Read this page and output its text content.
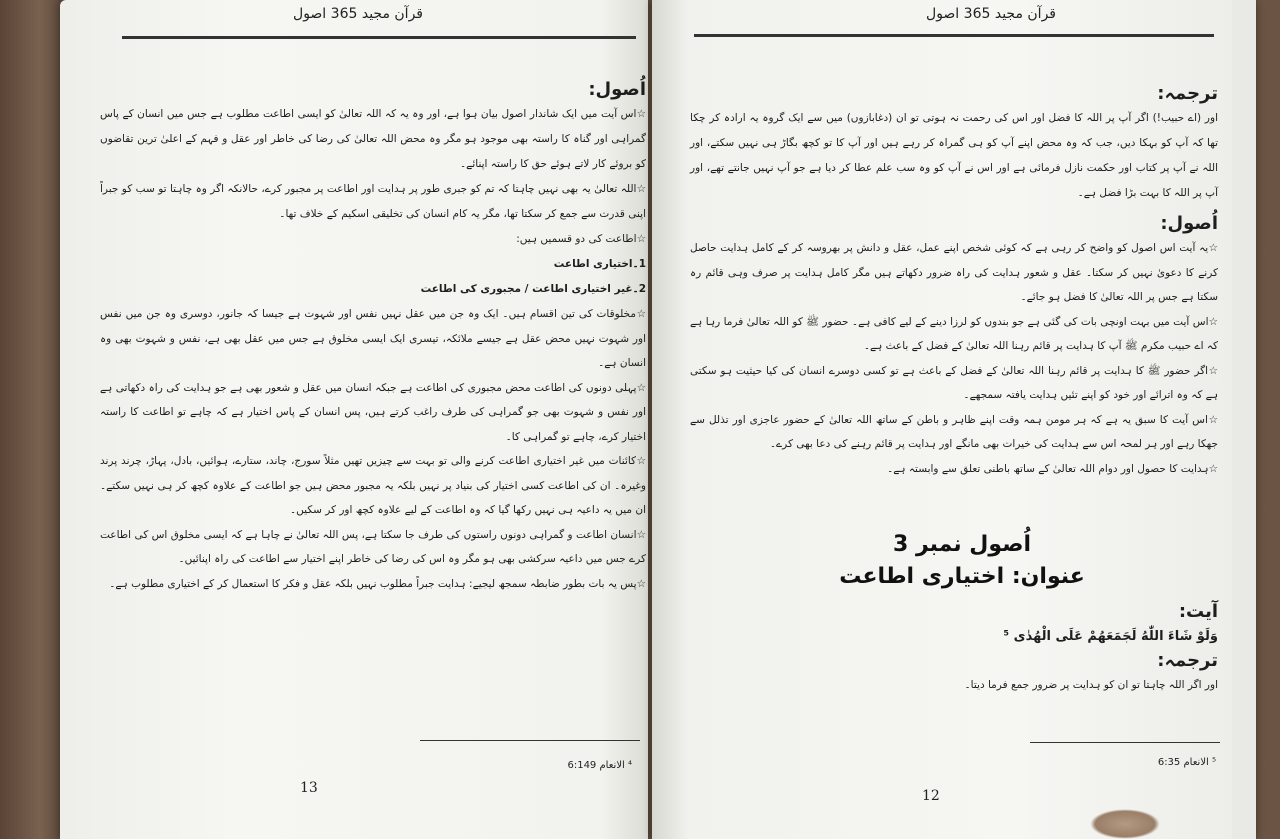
قرآن مجید 365 اصول

اُصول:

☆اس آیت میں ایک شاندار اصول بیان ہوا ہے، اور وہ یہ کہ اللہ تعالیٰ کو ایسی اطاعت مطلوب ہے جس میں انسان کے پاس گمراہی اور گناہ کا راستہ بھی موجود ہو مگر وہ محض اللہ تعالیٰ کی رضا کی خاطر اور عقل و فہم کے اعلیٰ ترین تقاضوں کو بروئے کار لاتے ہوئے حق کا راستہ اپنائے۔

☆اللہ تعالیٰ یہ بھی نہیں چاہتا کہ تم کو جبری طور پر ہدایت اور اطاعت پر مجبور کرے، حالانکہ اگر وہ چاہتا تو سب کو جبراً اپنی قدرت سے جمع کر سکتا تھا، مگر یہ کام انسان کی تخلیقی اسکیم کے خلاف تھا۔

☆اطاعت کی دو قسمیں ہیں:

1۔اختیاری اطاعت

2۔غیر اختیاری اطاعت / مجبوری کی اطاعت

☆مخلوقات کی تین اقسام ہیں۔ ایک وہ جن میں عقل نہیں نفس اور شہوت ہے جیسا کہ جانور، دوسری وہ جن میں نفس اور شہوت نہیں محض عقل ہے جیسے ملائکہ، تیسری ایک ایسی مخلوق ہے جس میں عقل بھی ہے، نفس و شہوت بھی وہ انسان ہے۔

☆پہلی دونوں کی اطاعت محض مجبوری کی اطاعت ہے جبکہ انسان میں عقل و شعور بھی ہے جو ہدایت کی راہ دکھاتی ہے اور نفس و شہوت بھی جو گمراہی کی طرف راغب کرتے ہیں، پس انسان کے پاس اختیار ہے کہ چاہے تو اطاعت کا راستہ اختیار کرے، چاہے تو گمراہی کا۔

☆کائنات میں غیر اختیاری اطاعت کرنے والی تو بہت سے چیزیں تھیں مثلاً سورج، چاند، ستارے، ہوائیں، بادل، پہاڑ، چرند پرند وغیرہ۔ ان کی اطاعت کسی اختیار کی بنیاد پر نہیں بلکہ یہ مجبور محض ہیں جو اطاعت کے علاوہ کچھ کر ہی نہیں سکتے۔ ان میں یہ داعیہ ہی نہیں رکھا گیا کہ وہ اطاعت کے لیے علاوہ کچھ اور کر سکیں۔

☆انسان اطاعت و گمراہی دونوں راستوں کی طرف جا سکتا ہے، پس اللہ تعالیٰ نے چاہا ہے کہ ایسی مخلوق اس کی اطاعت کرے جس میں داعیہ سرکشی بھی ہو مگر وہ اس کی رضا کی خاطر اپنے اختیار سے اطاعت کی راہ اپنائیں۔

☆پس یہ بات بطور ضابطہ سمجھ لیجیے: ہدایت جبراً مطلوب نہیں بلکہ عقل و فکر کا استعمال کر کے اختیاری مطلوب ہے۔

⁴ الانعام 6:149
13
قرآن مجید 365 اصول

ترجمہ:

اور (اے حبیب!) اگر آپ پر اللہ کا فضل اور اس کی رحمت نہ ہوتی تو ان (دغابازوں) میں سے ایک گروہ یہ ارادہ کر چکا تھا کہ آپ کو بہکا دیں، جب کہ وہ محض اپنے آپ کو ہی گمراہ کر رہے ہیں اور آپ کا تو کچھ بگاڑ ہی نہیں سکتے، اور اللہ نے آپ پر کتاب اور حکمت نازل فرمائی ہے اور اس نے آپ کو وہ سب علم عطا کر دیا ہے جو آپ نہیں جانتے تھے، اور آپ پر اللہ کا بہت بڑا فضل ہے۔

اُصول:

☆یہ آیت اس اصول کو واضح کر رہی ہے کہ کوئی شخص اپنے عمل، عقل و دانش پر بھروسہ کر کے کامل ہدایت حاصل کرنے کا دعویٰ نہیں کر سکتا۔ عقل و شعور ہدایت کی راہ ضرور دکھاتے ہیں مگر کامل ہدایت پر صرف وہی قائم رہ سکتا ہے جس پر اللہ تعالیٰ کا فضل ہو جائے۔

☆اس آیت میں بہت اونچی بات کی گئی ہے جو بندوں کو لرزا دینے کے لیے کافی ہے۔ حضور ﷺ کو اللہ تعالیٰ فرما رہا ہے کہ اے حبیب مکرم ﷺ آپ کا ہدایت پر قائم رہنا اللہ تعالیٰ کے فضل کے باعث ہے۔

☆اگر حضور ﷺ کا ہدایت پر قائم رہنا اللہ تعالیٰ کے فضل کے باعث ہے تو کسی دوسرے انسان کی کیا حیثیت ہو سکتی ہے کہ وہ اترائے اور خود کو اپنے تئیں ہدایت یافتہ سمجھے۔

☆اس آیت کا سبق یہ ہے کہ ہر مومن ہمہ وقت اپنے ظاہر و باطن کے ساتھ اللہ تعالیٰ کے حضور عاجزی اور تذلل سے جھکا رہے اور ہر لمحہ اس سے ہدایت کی خیرات بھی مانگے اور ہدایت پر قائم رہنے کی دعا بھی کرے۔

☆ہدایت کا حصول اور دوام اللہ تعالیٰ کے ساتھ باطنی تعلق سے وابستہ ہے۔

اُصول نمبر 3
عنوان: اختیاری اطاعت

آیت:

وَلَوْ شَاءَ اللّٰهُ لَجَمَعَهُمْ عَلَى الْهُدٰى ⁵

ترجمہ:

اور اگر اللہ چاہتا تو ان کو ہدایت پر ضرور جمع فرما دیتا۔

⁵ الانعام 6:35
12
